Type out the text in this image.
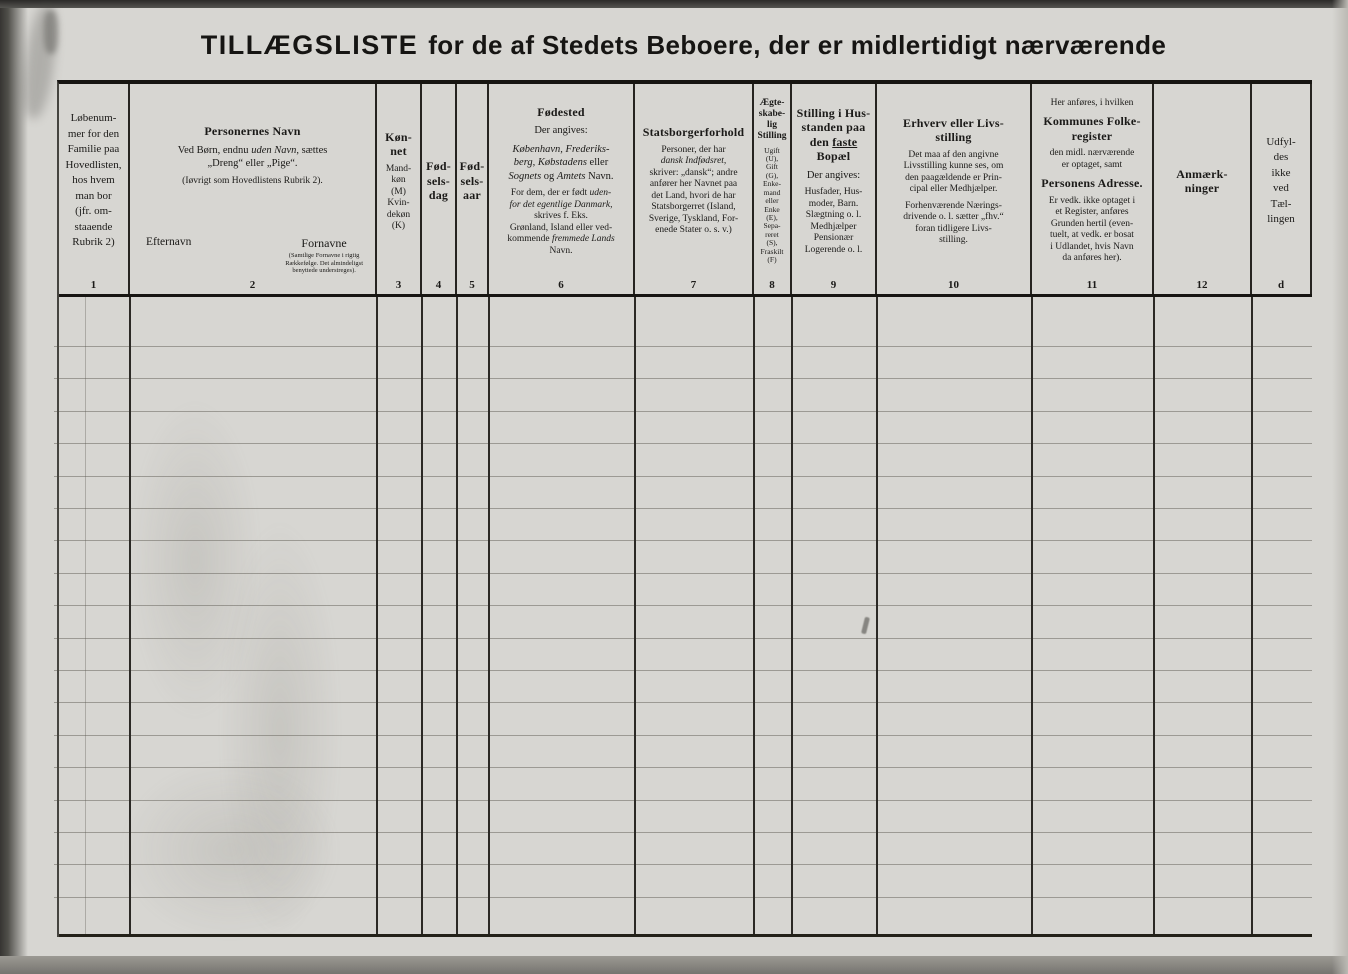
TILLÆGSLISTE for de af Stedets Beboere, der er midlertidigt nærværende
Løbenum-
mer for den
Familie paa
Hovedlisten,
hos hvem
man bor
(jfr. om-
staaende
Rubrik 2)
1
Personernes Navn
Ved Børn, endnu uden Navn, sættes
„Dreng“ eller „Pige“.
(Iøvrigt som Hovedlistens Rubrik 2).
Efternavn	Fornavne
(Samtlige Fornavne i rigtig
Rækkefølge. Det almindeligst
benyttede understreges).
2
Køn-
net
Mand-
køn
(M)
Kvin-
dekøn
(K)
3
Fød-
sels-
dag
4
Fød-
sels-
aar
5
Fødested
Der angives:
København, Frederiks-
berg, Købstadens eller
Sognets og Amtets Navn.
For dem, der er født uden-
for det egentlige Danmark,
skrives f. Eks.
Grønland, Island eller ved-
kommende fremmede Lands
Navn.
6
Statsborgerforhold
Personer, der har
dansk Indfødsret,
skriver: „dansk“; andre
anfører her Navnet paa
det Land, hvori de har
Statsborgerret (Island,
Sverige, Tyskland, For-
enede Stater o. s. v.)
7
Ægte-
skabe-
lig
Stilling
Ugift
(U),
Gift
(G),
Enke-
mand
eller
Enke
(E),
Sepa-
reret
(S),
Fraskilt
(F)
8
Stilling i Hus-
standen paa
den faste
Bopæl
Der angives:
Husfader, Hus-
moder, Barn.
Slægtning o. l.
Medhjælper
Pensionær
Logerende o. l.
9
Erhverv eller Livs-
stilling
Det maa af den angivne
Livsstilling kunne ses, om
den paagældende er Prin-
cipal eller Medhjælper.
Forhenværende Nærings-
drivende o. l. sætter „fhv.“
foran tidligere Livs-
stilling.
10
Her anføres, i hvilken
Kommunes Folke-
register
den midl. nærværende
er optaget, samt
Personens Adresse.
Er vedk. ikke optaget i
et Register, anføres
Grunden hertil (even-
tuelt, at vedk. er bosat
i Udlandet, hvis Navn
da anføres her).
11
Anmærk-
ninger
12
Udfyl-
des
ikke
ved
Tæl-
lingen
d
